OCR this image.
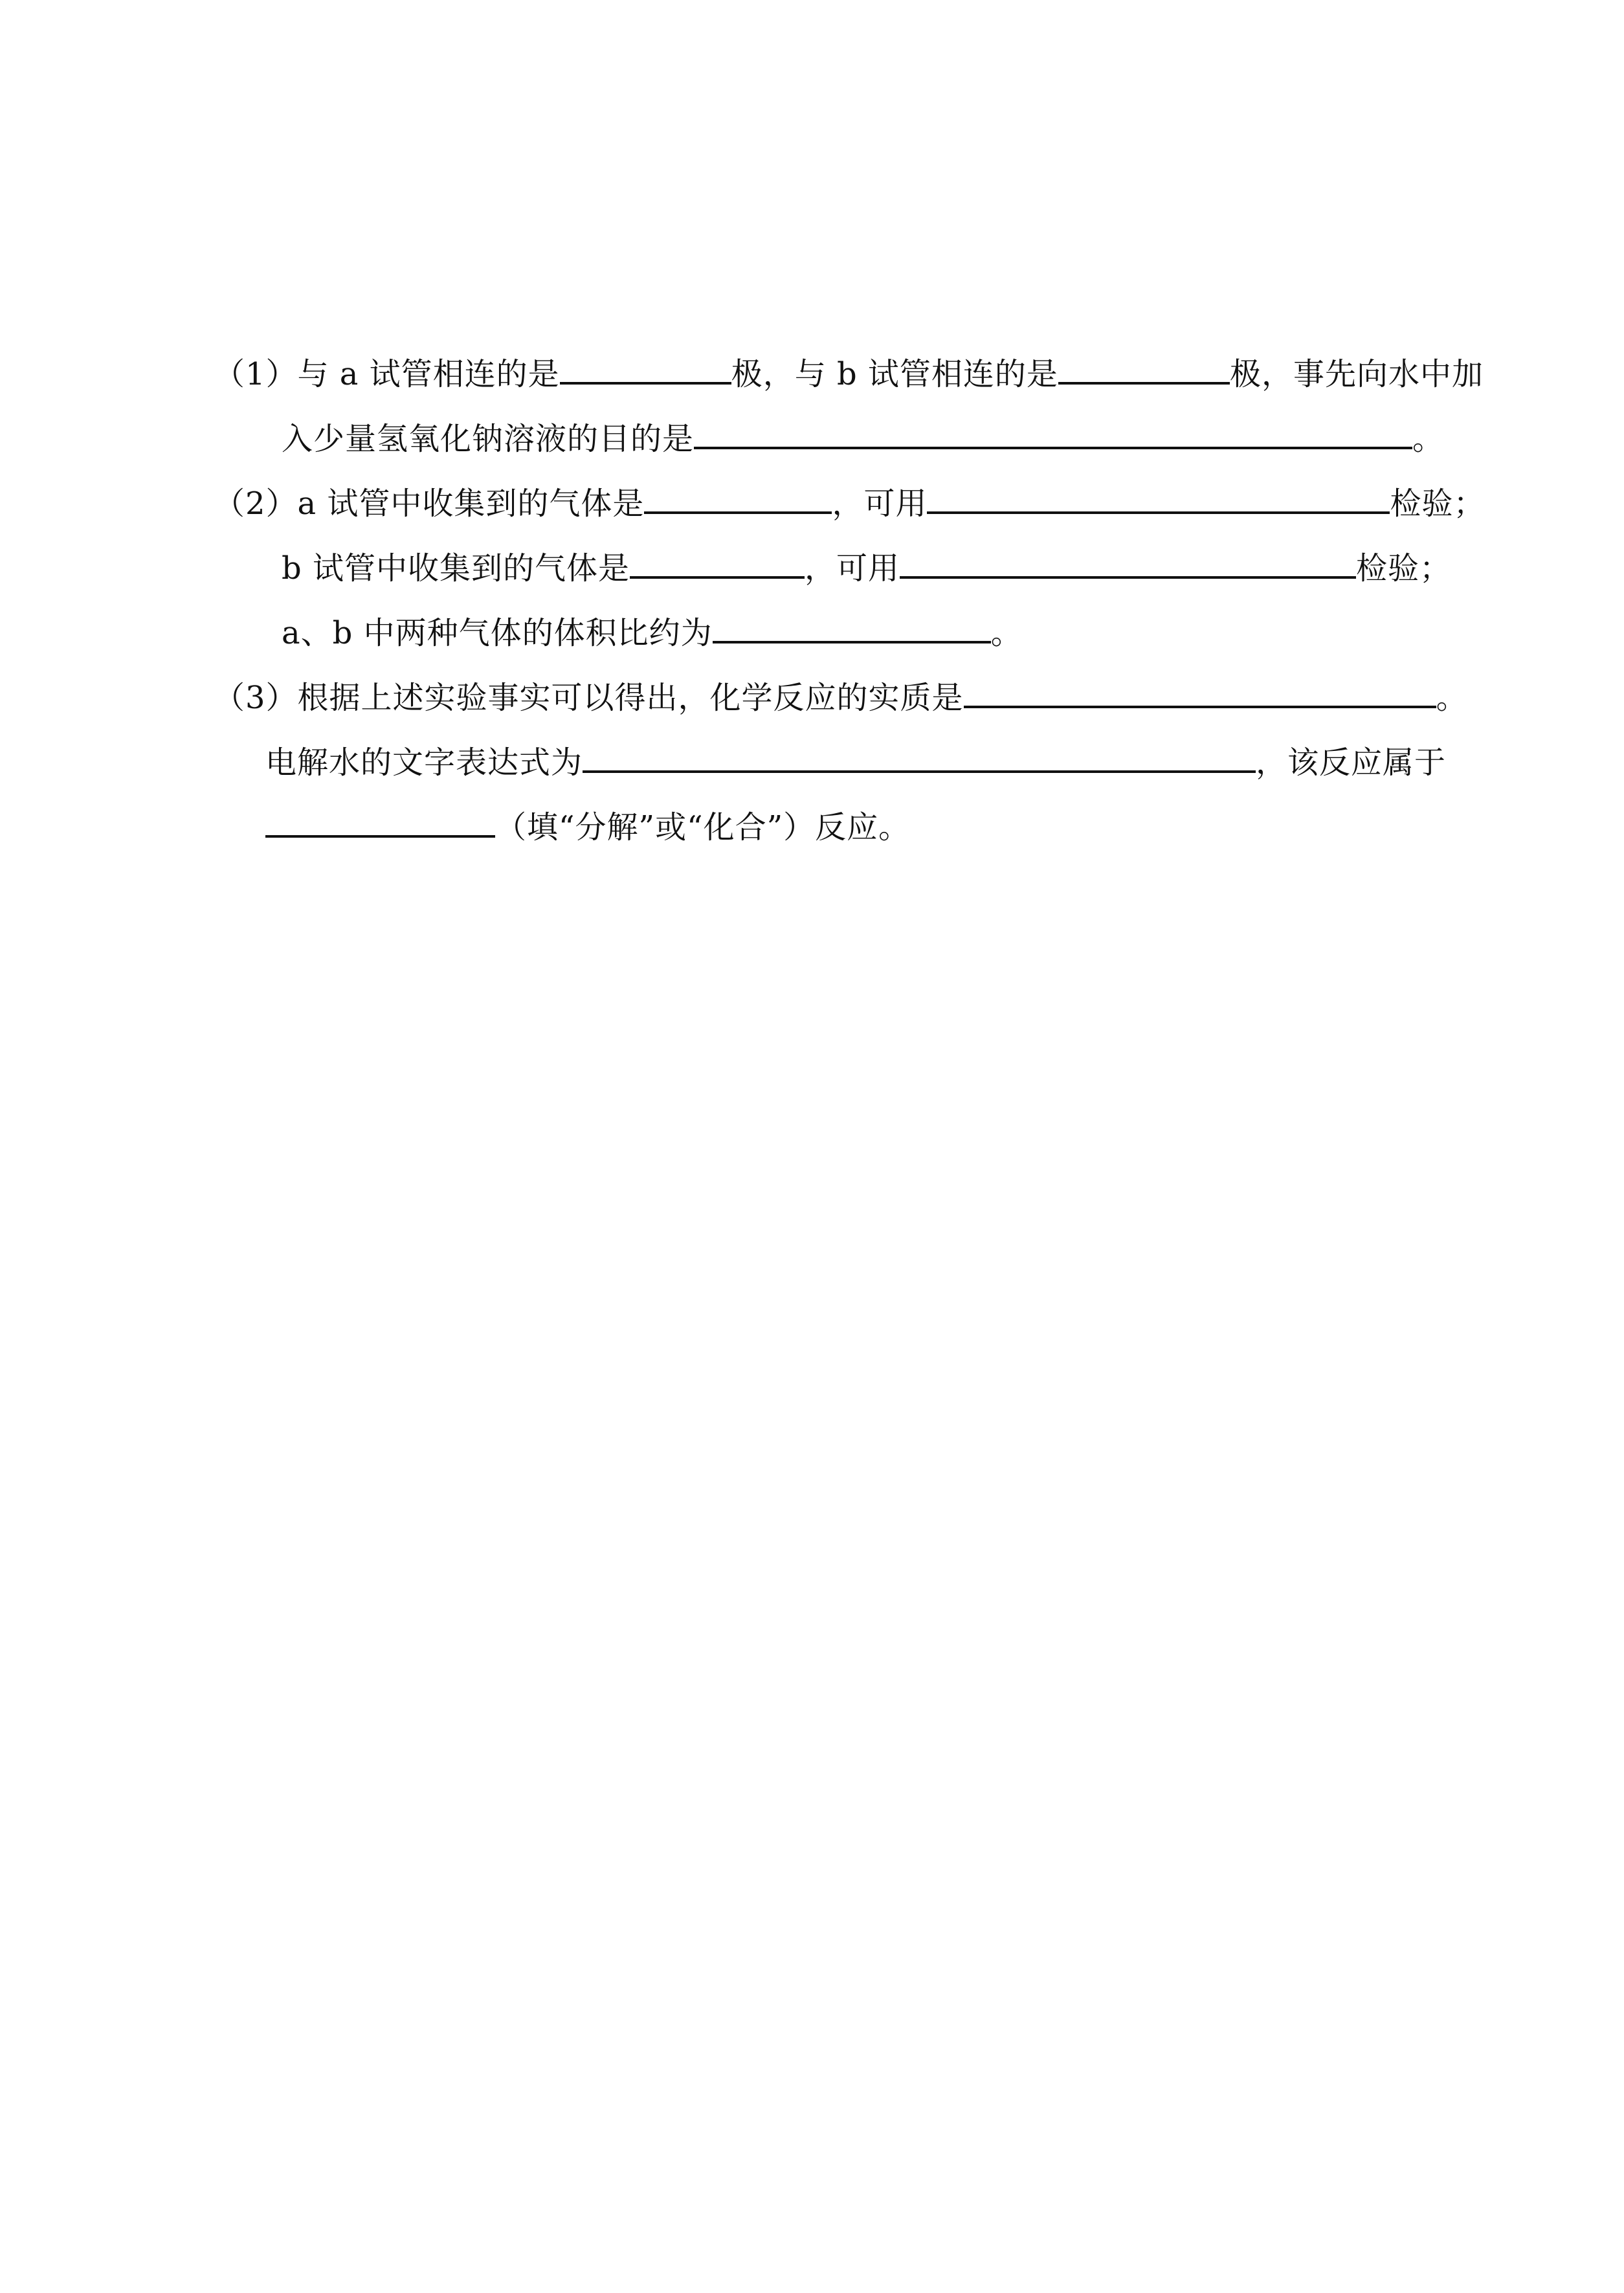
（1）与 a 试管相连的是	极，与 b 试管相连的是	极，事先向水中加
入少量氢氧化钠溶液的目的是	。
（2）a 试管中收集到的气体是	，可用	检验；
b 试管中收集到的气体是	，可用	检验；
a、b 中两种气体的体积比约为	。
（3）根据上述实验事实可以得出，化学反应的实质是	。
电解水的文字表达式为	，该反应属于
（填“分解”或“化合”）反应。
